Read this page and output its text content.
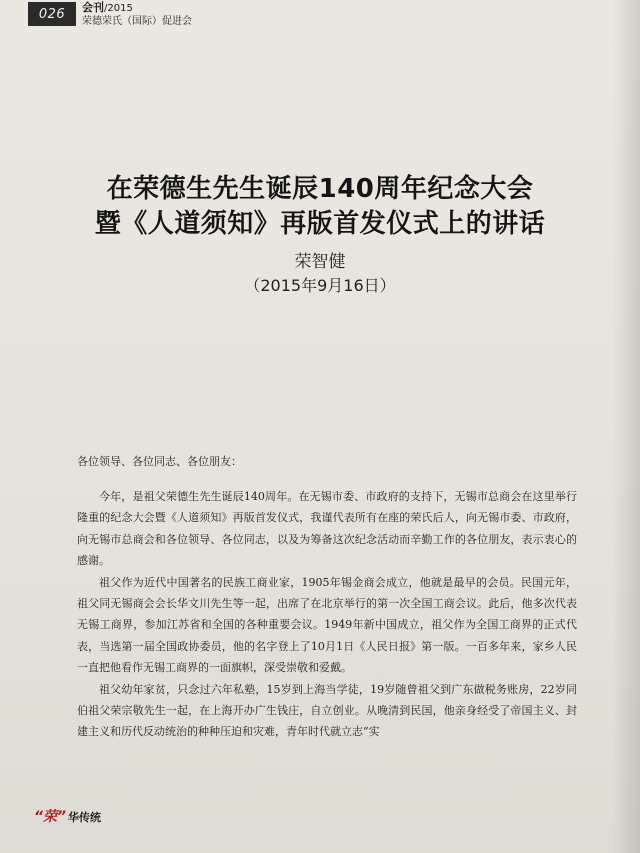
026	会刊/2015
荣德荣氏（国际）促进会
在荣德生先生诞辰140周年纪念大会
暨《人道须知》再版首发仪式上的讲话
荣智健
（2015年9月16日）
各位领导、各位同志、各位朋友：

今年，是祖父荣德生先生诞辰140周年。在无锡市委、市政府的支持下，无锡市总商会在这里举行隆重的纪念大会暨《人道须知》再版首发仪式，我谨代表所有在座的荣氏后人，向无锡市委、市政府，向无锡市总商会和各位领导、各位同志，以及为筹备这次纪念活动而辛勤工作的各位朋友，表示衷心的感谢。

祖父作为近代中国著名的民族工商业家，1905年锡金商会成立，他就是最早的会员。民国元年，祖父同无锡商会会长华文川先生等一起，出席了在北京举行的第一次全国工商会议。此后，他多次代表无锡工商界，参加江苏省和全国的各种重要会议。1949年新中国成立，祖父作为全国工商界的正式代表，当选第一届全国政协委员，他的名字登上了10月1日《人民日报》第一版。一百多年来，家乡人民一直把他看作无锡工商界的一面旗帜，深受崇敬和爱戴。

祖父幼年家贫，只念过六年私塾，15岁到上海当学徒，19岁随曾祖父到广东做税务账房，22岁同伯祖父荣宗敬先生一起，在上海开办广生钱庄，自立创业。从晚清到民国，他亲身经受了帝国主义、封建主义和历代反动统治的种种压迫和灾难，青年时代就立志“实

“荣” 华传统
